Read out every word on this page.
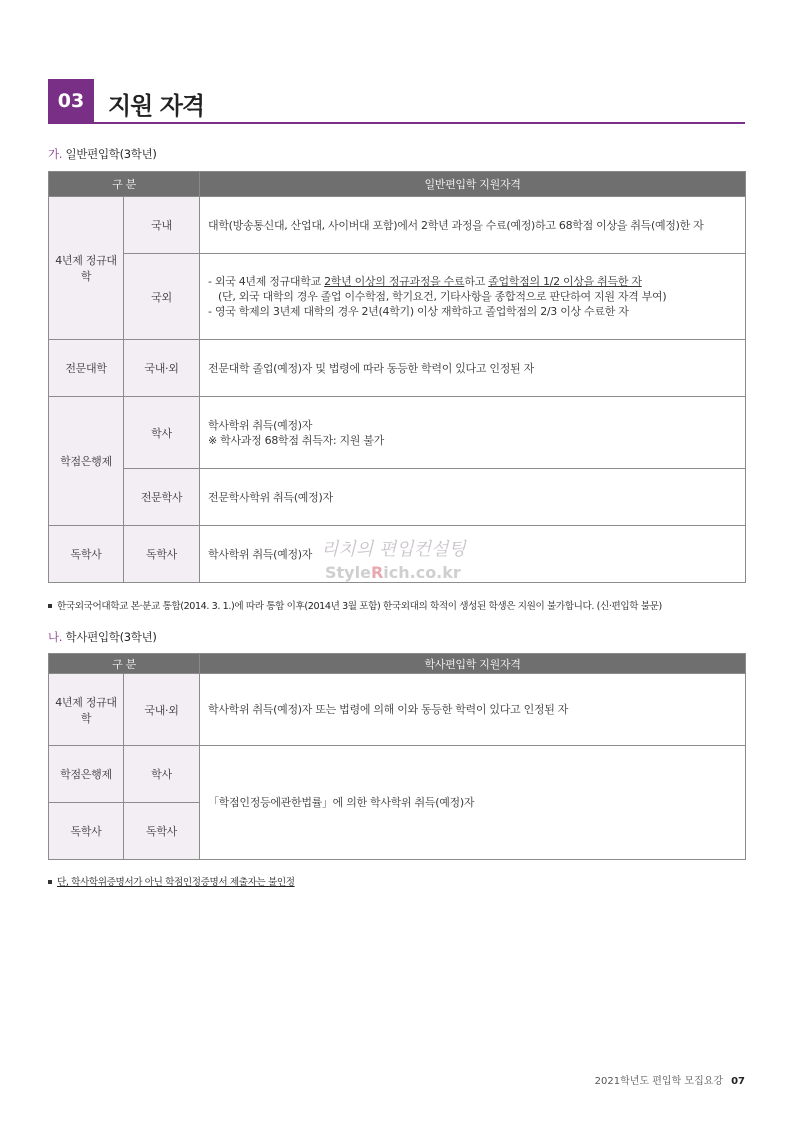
03 지원 자격
가. 일반편입학(3학년)
구 분		일반편입학 지원자격
4년제 정규대학	국내	대학(방송통신대, 산업대, 사이버대 포함)에서 2학년 과정을 수료(예정)하고 68학점 이상을 취득(예정)한 자
	국외	- 외국 4년제 정규대학교 2학년 이상의 정규과정을 수료하고 졸업학점의 1/2 이상을 취득한 자
(단, 외국 대학의 경우 졸업 이수학점, 학기요건, 기타사항을 종합적으로 판단하여 지원 자격 부여)
- 영국 학제의 3년제 대학의 경우 2년(4학기) 이상 재학하고 졸업학점의 2/3 이상 수료한 자

전문대학	국내·외	전문대학 졸업(예정)자 및 법령에 따라 동등한 학력이 있다고 인정된 자
학점은행제	학사	학사학위 취득(예정)자
※ 학사과정 68학점 취득자: 지원 불가

	전문학사	전문학사학위 취득(예정)자
독학사	독학사	학사학위 취득(예정)자 리치의 편입컨설팅
StyleRich.co.kr
한국외국어대학교 본·분교 통합(2014. 3. 1.)에 따라 통합 이후(2014년 3월 포함) 한국외대의 학적이 생성된 학생은 지원이 불가합니다. (신·편입학 불문)
나. 학사편입학(3학년)
구 분		학사편입학 지원자격
4년제 정규대학	국내·외	학사학위 취득(예정)자 또는 법령에 의해 이와 동등한 학력이 있다고 인정된 자
학점은행제	학사	「학점인정등에관한법률」에 의한 학사학위 취득(예정)자
독학사	독학사	
단, 학사학위증명서가 아닌 학점인정증명서 제출자는 불인정
2021학년도 편입학 모집요강 07
